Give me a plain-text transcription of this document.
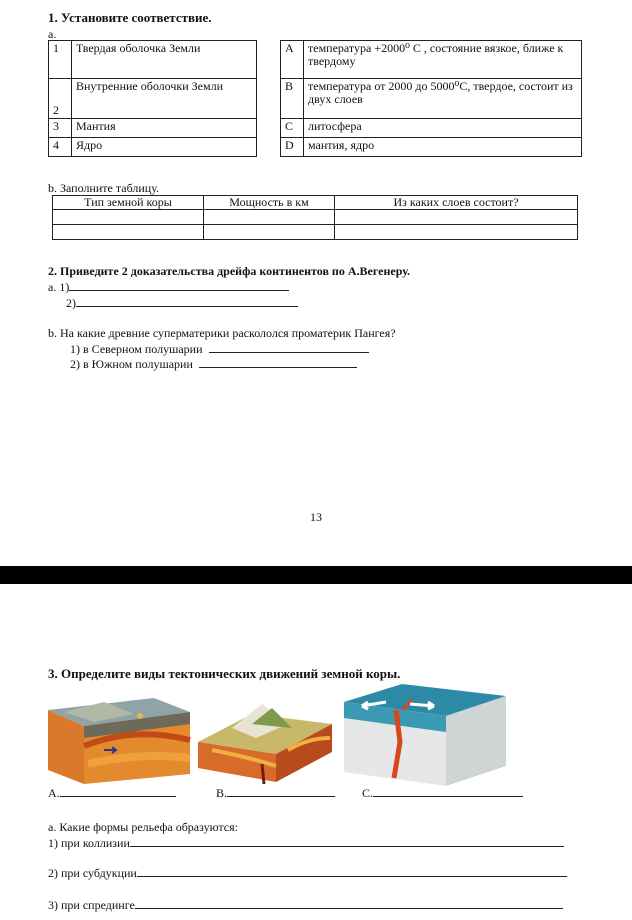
1. Установите соответствие.
a.
1	Твердая оболочка Земли
2	Внутренние оболочки Земли
3	Мантия
4	Ядро
A	температура +2000⁰ С , состояние вязкое, ближе к твердому
B	температура от 2000 до 5000⁰С, твердое, состоит из двух слоев
C	литосфера
D	мантия, ядро
b. Заполните таблицу.
Тип земной коры	Мощность в км	Из каких слоев состоит?

2. Приведите 2 доказательства дрейфа континентов по А.Вегенеру.
a. 1)
2)
b. На какие древние суперматерики раскололся проматерик Пангея?
1) в Северном полушарии
2) в Южном полушарии
13
3. Определите виды тектонических движений земной коры.
A.	B.	C.
a. Какие формы рельефа образуются:
1) при коллизии
2) при субдукции
3) при спрединге
